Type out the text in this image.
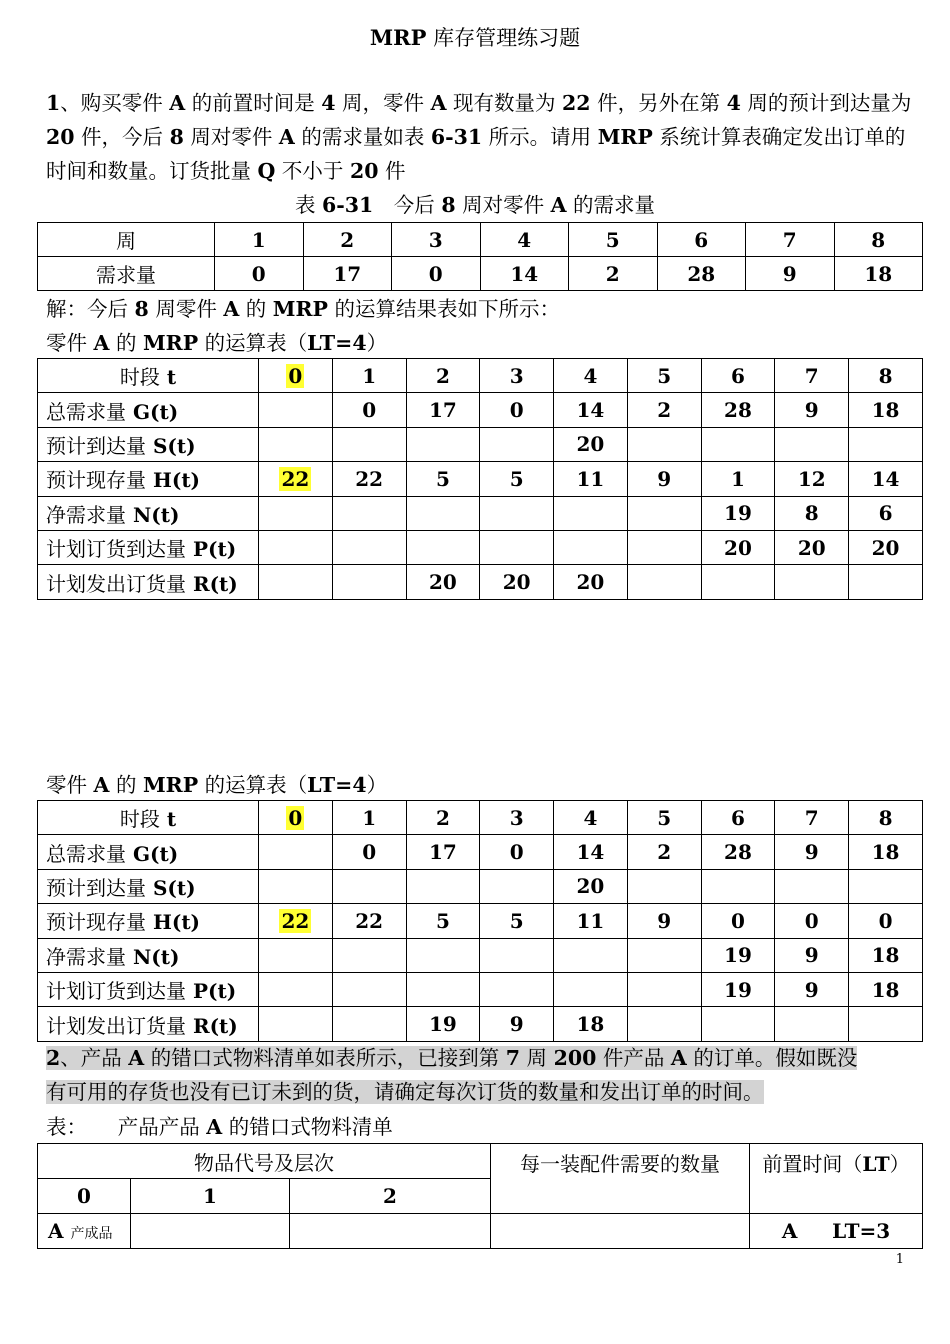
MRP 库存管理练习题
1、购买零件 A 的前置时间是 4 周，零件 A 现有数量为 22 件，另外在第 4 周的预计到达量为 20 件，今后 8 周对零件 A 的需求量如表 6-31 所示。请用 MRP 系统计算表确定发出订单的时间和数量。订货批量 Q 不小于 20 件
表 6-31　今后 8 周对零件 A 的需求量
周	1	2	3	4	5	6	7	8
需求量	0	17	0	14	2	28	9	18
解：今后 8 周零件 A 的 MRP 的运算结果表如下所示：
零件 A 的 MRP 的运算表（LT=4）
时段 t	0	1	2	3	4	5	6	7	8
总需求量 G(t)		0	17	0	14	2	28	9	18
预计到达量 S(t)					20				
预计现存量 H(t)	22	22	5	5	11	9	1	12	14
净需求量 N(t)							19	8	6
计划订货到达量 P(t)							20	20	20
计划发出订货量 R(t)			20	20	20				
零件 A 的 MRP 的运算表（LT=4）
时段 t	0	1	2	3	4	5	6	7	8
总需求量 G(t)		0	17	0	14	2	28	9	18
预计到达量 S(t)					20				
预计现存量 H(t)	22	22	5	5	11	9	0	0	0
净需求量 N(t)							19	9	18
计划订货到达量 P(t)							19	9	18
计划发出订货量 R(t)			19	9	18				
2、产品 A 的错口式物料清单如表所示，已接到第 7 周 200 件产品 A 的订单。假如既没
有可用的存货也没有已订未到的货，请确定每次订货的数量和发出订单的时间。
表：　　产品产品 A 的错口式物料清单
物品代号及层次			每一装配件需要的数量	前置时间（LT）
0	1	2		
A 产成品				A LT=3
1
